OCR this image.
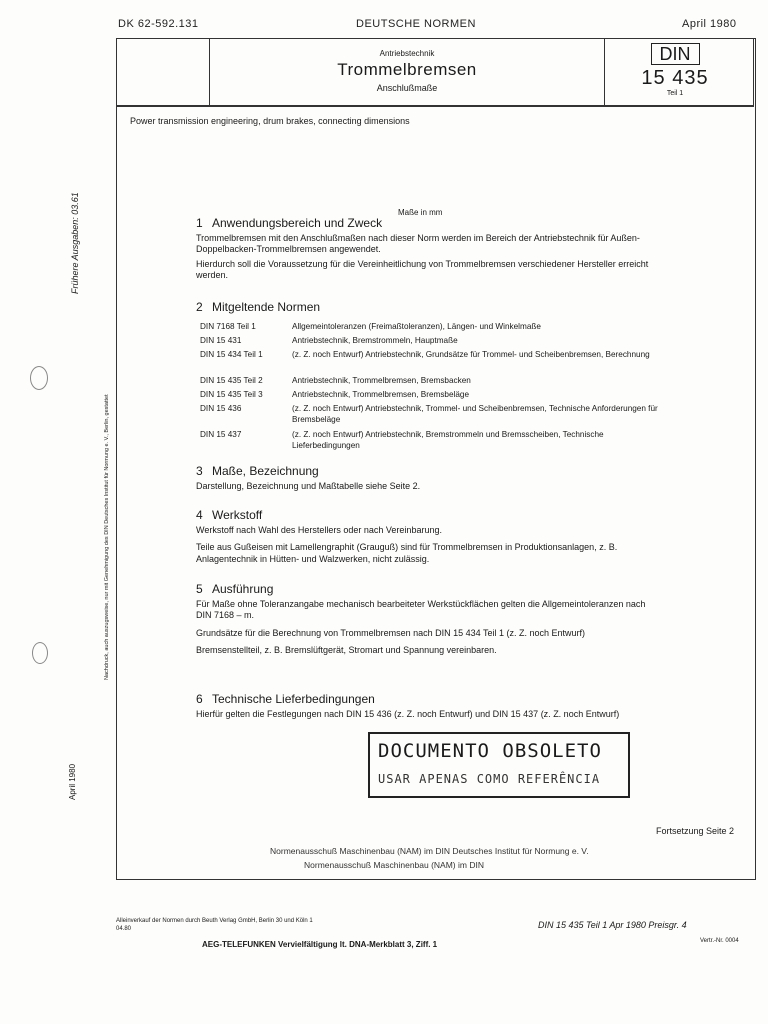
DK 62-592.131	DEUTSCHE NORMEN	April 1980
Antriebstechnik
Trommelbremsen
Anschlußmaße
DIN
15 435
Teil 1
Power transmission engineering, drum brakes, connecting dimensions
Maße in mm
1 Anwendungsbereich und Zweck

Trommelbremsen mit den Anschlußmaßen nach dieser Norm werden im Bereich der Antriebstechnik für Außen-Doppelbacken-Trommelbremsen angewendet.

Hierdurch soll die Voraussetzung für die Vereinheitlichung von Trommelbremsen verschiedener Hersteller erreicht werden.

2 Mitgeltende Normen
DIN 7168 Teil 1	Allgemeintoleranzen (Freimaßtoleranzen), Längen- und Winkelmaße
DIN 15 431	Antriebstechnik, Bremstrommeln, Hauptmaße
DIN 15 434 Teil 1	(z. Z. noch Entwurf) Antriebstechnik, Grundsätze für Trommel- und Scheibenbremsen, Berechnung
DIN 15 435 Teil 2	Antriebstechnik, Trommelbremsen, Bremsbacken
DIN 15 435 Teil 3	Antriebstechnik, Trommelbremsen, Bremsbeläge
DIN 15 436	(z. Z. noch Entwurf) Antriebstechnik, Trommel- und Scheibenbremsen, Technische Anforderungen für Bremsbeläge
DIN 15 437	(z. Z. noch Entwurf) Antriebstechnik, Bremstrommeln und Bremsscheiben, Technische Lieferbedingungen
3 Maße, Bezeichnung

Darstellung, Bezeichnung und Maßtabelle siehe Seite 2.

4 Werkstoff

Werkstoff nach Wahl des Herstellers oder nach Vereinbarung.

Teile aus Gußeisen mit Lamellengraphit (Grauguß) sind für Trommelbremsen in Produktionsanlagen, z. B. Anlagentechnik in Hütten- und Walzwerken, nicht zulässig.

5 Ausführung

Für Maße ohne Toleranzangabe mechanisch bearbeiteter Werkstückflächen gelten die Allgemeintoleranzen nach DIN 7168 – m.

Grundsätze für die Berechnung von Trommelbremsen nach DIN 15 434 Teil 1 (z. Z. noch Entwurf)

Bremsenstellteil, z. B. Bremslüftgerät, Stromart und Spannung vereinbaren.

6 Technische Lieferbedingungen

Hierfür gelten die Festlegungen nach DIN 15 436 (z. Z. noch Entwurf) und DIN 15 437 (z. Z. noch Entwurf)

DOCUMENTO OBSOLETO
USAR APENAS COMO REFERÊNCIA
Fortsetzung Seite 2
Normenausschuß Maschinenbau (NAM) im DIN Deutsches Institut für Normung e. V.
Normenausschuß Maschinenbau (NAM) im DIN
Alleinverkauf der Normen durch Beuth Verlag GmbH, Berlin 30 und Köln 1
04.80	DIN 15 435 Teil 1 Apr 1980 Preisgr. 4
Vertr.-Nr. 0004
AEG-TELEFUNKEN Vervielfältigung lt. DNA-Merkblatt 3, Ziff. 1
Frühere Ausgaben: 03.61
Nachdruck, auch auszugsweise, nur mit Genehmigung des DIN Deutsches Institut für Normung e. V., Berlin, gestattet
April 1980
